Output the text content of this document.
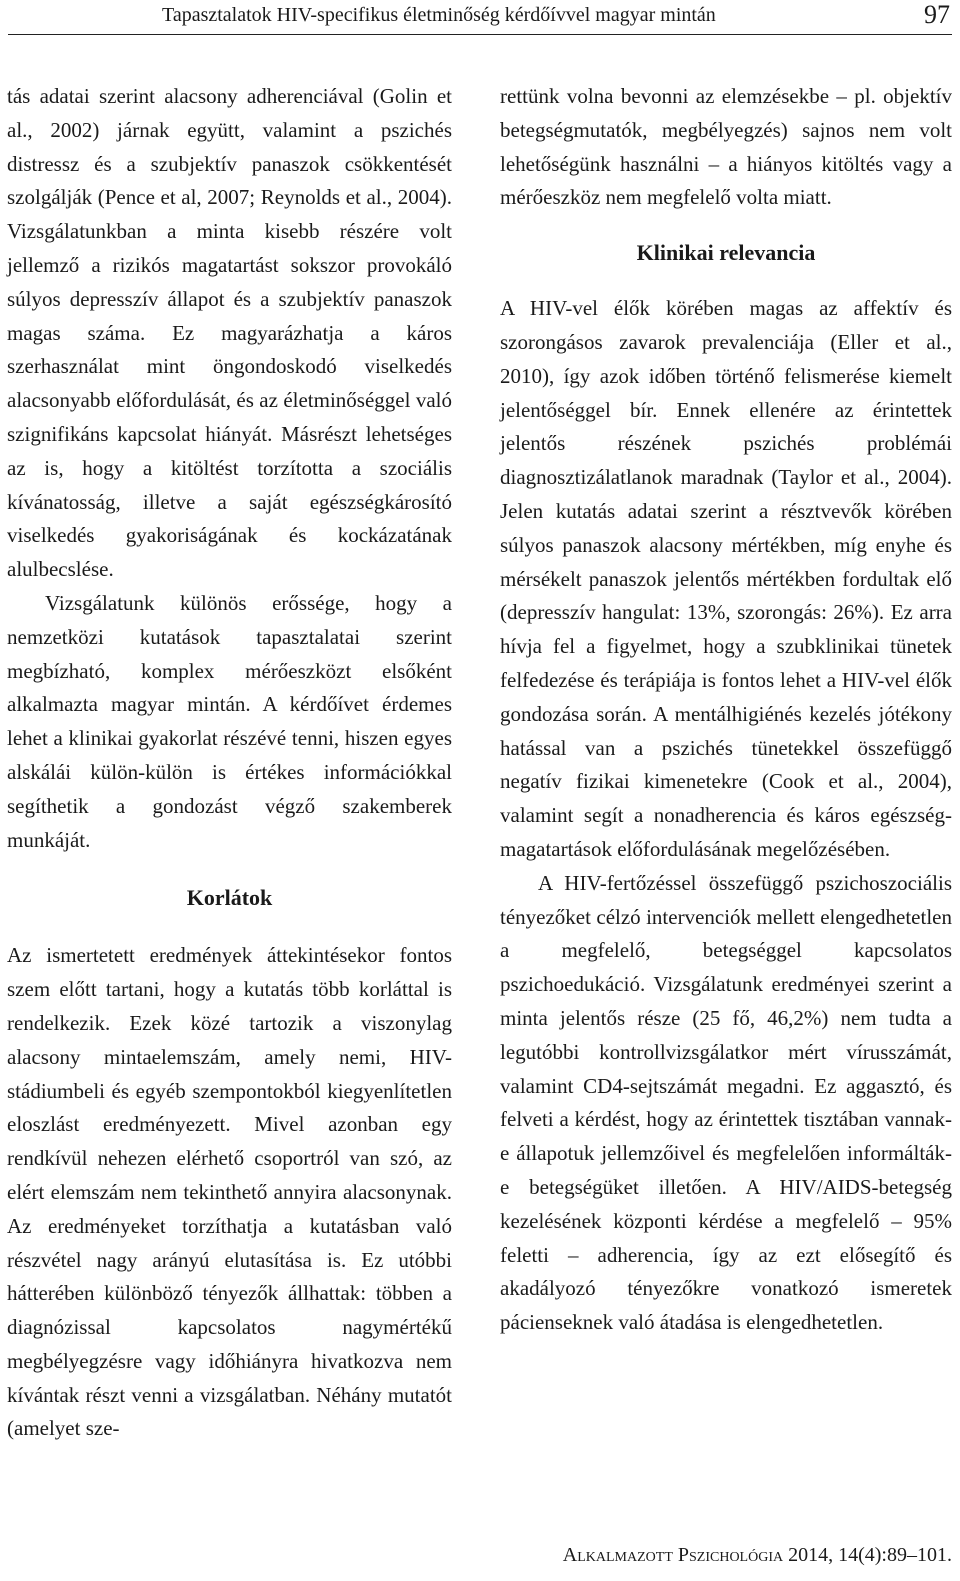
Tapasztalatok HIV-specifikus életminőség kérdőívvel magyar mintán	97

tás adatai szerint alacsony adherenciával (Golin et al., 2002) járnak együtt, valamint a pszichés distressz és a szubjektív panaszok csökkentését szolgálják (Pence et al, 2007; Reynolds et al., 2004). Vizsgálatunkban a minta kisebb részére volt jellemző a rizikós magatartást sokszor provokáló súlyos depresszív állapot és a szubjektív panaszok magas száma. Ez magyarázhatja a káros szerhasználat mint öngondoskodó viselkedés alacsonyabb előfordulását, és az életminőséggel való szignifikáns kapcsolat hiányát. Másrészt lehetséges az is, hogy a kitöltést torzította a szociális kívánatosság, illetve a saját egészségkárosító viselkedés gyakoriságának és kockázatának alulbecslése.

Vizsgálatunk különös erőssége, hogy a nemzetközi kutatások tapasztalatai szerint megbízható, komplex mérőeszközt elsőként alkalmazta magyar mintán. A kérdőívet érdemes lehet a klinikai gyakorlat részévé tenni, hiszen egyes alskálái külön-külön is értékes információkkal segíthetik a gondozást végző szakemberek munkáját.

Korlátok

Az ismertetett eredmények áttekintésekor fontos szem előtt tartani, hogy a kutatás több korláttal is rendelkezik. Ezek közé tartozik a viszonylag alacsony mintaelemszám, amely nemi, HIV-stádiumbeli és egyéb szempontokból kiegyenlítetlen eloszlást eredményezett. Mivel azonban egy rendkívül nehezen elérhető csoportról van szó, az elért elemszám nem tekinthető annyira alacsonynak. Az eredményeket torzíthatja a kutatásban való részvétel nagy arányú elutasítása is. Ez utóbbi hátterében különböző tényezők állhattak: többen a diagnózissal kapcsolatos nagymértékű megbélyegzésre vagy időhiányra hivatkozva nem kívántak részt venni a vizsgálatban. Néhány mutatót (amelyet sze-

rettünk volna bevonni az elemzésekbe – pl. objektív betegségmutatók, megbélyegzés) sajnos nem volt lehetőségünk használni – a hiányos kitöltés vagy a mérőeszköz nem megfelelő volta miatt.

Klinikai relevancia

A HIV-vel élők körében magas az affektív és szorongásos zavarok prevalenciája (Eller et al., 2010), így azok időben történő felismerése kiemelt jelentőséggel bír. Ennek ellenére az érintettek jelentős részének pszichés problémái diagnosztizálatlanok maradnak (Taylor et al., 2004). Jelen kutatás adatai szerint a résztvevők körében súlyos panaszok alacsony mértékben, míg enyhe és mérsékelt panaszok jelentős mértékben fordultak elő (depresszív hangulat: 13%, szorongás: 26%). Ez arra hívja fel a figyelmet, hogy a szubklinikai tünetek felfedezése és terápiája is fontos lehet a HIV-vel élők gondozása során. A mentálhigiénés kezelés jótékony hatással van a pszichés tünetekkel összefüggő negatív fizikai kimenetekre (Cook et al., 2004), valamint segít a nonadherencia és káros egészség-magatartások előfordulásának megelőzésében.

A HIV-fertőzéssel összefüggő pszichoszociális tényezőket célzó intervenciók mellett elengedhetetlen a megfelelő, betegséggel kapcsolatos pszichoedukáció. Vizsgálatunk eredményei szerint a minta jelentős része (25 fő, 46,2%) nem tudta a legutóbbi kontrollvizsgálatkor mért vírusszámát, valamint CD4-sejtszámát megadni. Ez aggasztó, és felveti a kérdést, hogy az érintettek tisztában vannak-e állapotuk jellemzőivel és megfelelően informálták-e betegségüket illetően. A HIV/AIDS-betegség kezelésének központi kérdése a megfelelő – 95% feletti – adherencia, így az ezt elősegítő és akadályozó tényezőkre vonatkozó ismeretek pácienseknek való átadása is elengedhetetlen.

Alkalmazott Pszichológia 2014, 14(4):89–101.
